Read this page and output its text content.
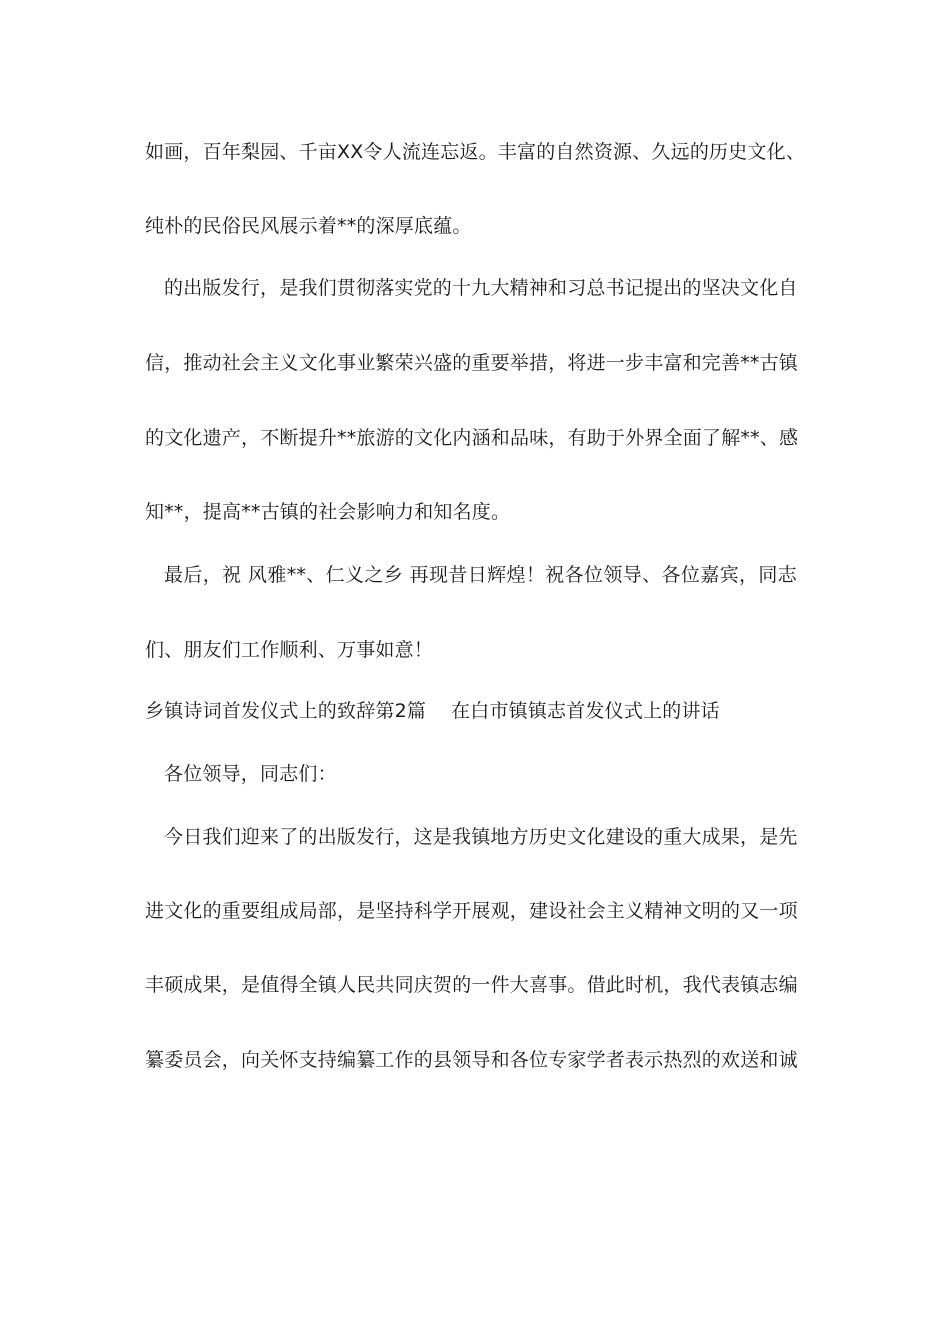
如画，百年梨园、千亩XX令人流连忘返。丰富的自然资源、久远的历史文化、
纯朴的民俗民风展示着**的深厚底蕴。
的出版发行，是我们贯彻落实党的十九大精神和习总书记提出的坚决文化自
信，推动社会主义文化事业繁荣兴盛的重要举措，将进一步丰富和完善**古镇
的文化遗产，不断提升**旅游的文化内涵和品味，有助于外界全面了解**、感
知**，提高**古镇的社会影响力和知名度。
最后，祝 风雅**、仁义之乡 再现昔日辉煌！祝各位领导、各位嘉宾，同志
们、朋友们工作顺利、万事如意！
乡镇诗词首发仪式上的致辞第2篇    在白市镇镇志首发仪式上的讲话
各位领导，同志们：
今日我们迎来了的出版发行，这是我镇地方历史文化建设的重大成果，是先
进文化的重要组成局部，是坚持科学开展观，建设社会主义精神文明的又一项
丰硕成果，是值得全镇人民共同庆贺的一件大喜事。借此时机，我代表镇志编
纂委员会，向关怀支持编纂工作的县领导和各位专家学者表示热烈的欢送和诚
